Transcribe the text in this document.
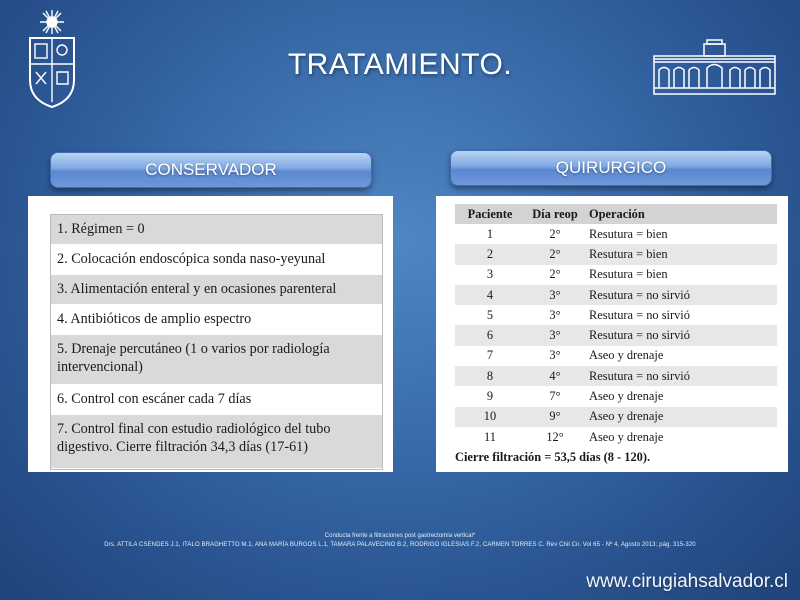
TRATAMIENTO.
CONSERVADOR	QUIRURGICO
1. Régimen = 0
2. Colocación endoscópica sonda naso-yeyunal
3. Alimentación enteral y en ocasiones parenteral
4. Antibióticos de amplio espectro
5. Drenaje percutáneo (1 o varios por radiología intervencional)
6. Control con escáner cada 7 días
7. Control final con estudio radiológico del tubo digestivo. Cierre filtración 34,3 días (17-61)
Paciente	Día reop	Operación
1	2°	Resutura = bien
2	2°	Resutura = bien
3	2°	Resutura = bien
4	3°	Resutura = no sirvió
5	3°	Resutura = no sirvió
6	3°	Resutura = no sirvió
7	3°	Aseo y drenaje
8	4°	Resutura = no sirvió
9	7°	Aseo y drenaje
10	9°	Aseo y drenaje
11	12°	Aseo y drenaje
Cierre filtración = 53,5 días (8 - 120).
Conducta frente a filtraciones post gastrectomía vertical*
Drs. ATTILA CSENDES J.1, ITALO BRAGHETTO M.1, ANA MARÍA BURGOS L.1, TAMARA PALAVECINO B.2, RODRIGO IGLESIAS F.2, CARMEN TORRES C. Rev Chil Cir. Vol 65 - Nº 4, Agosto 2013; pág. 315-320
www.cirugiahsalvador.cl
